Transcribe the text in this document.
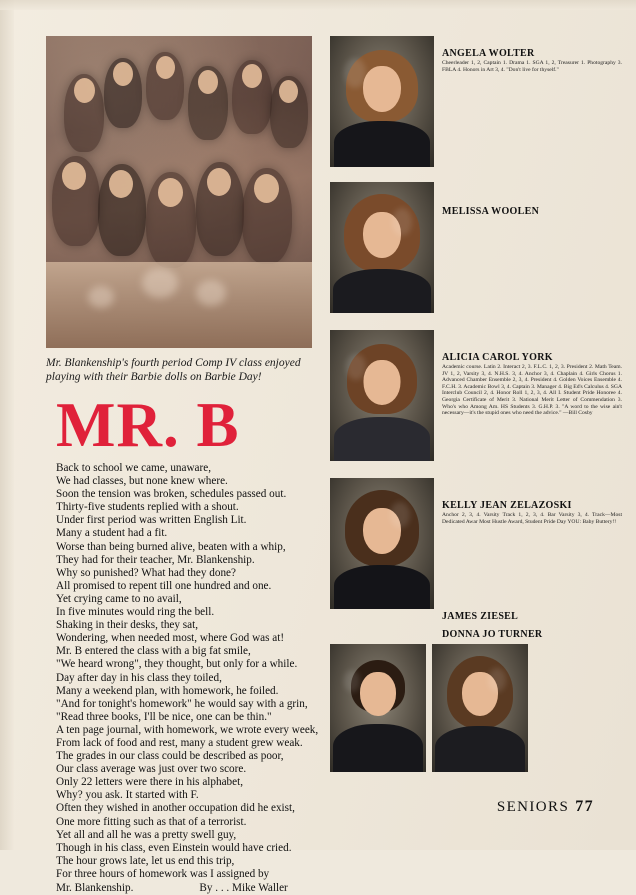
Mr. Blankenship's fourth period Comp IV class enjoyed playing with their Barbie dolls on Barbie Day!
MR. B
Back to school we came, unaware,
We had classes, but none knew where.
Soon the tension was broken, schedules passed out.
Thirty-five students replied with a shout.
Under first period was written English Lit.
Many a student had a fit.
Worse than being burned alive, beaten with a whip,
They had for their teacher, Mr. Blankenship.
Why so punished? What had they done?
All promised to repent till one hundred and one.
Yet crying came to no avail,
In five minutes would ring the bell.
Shaking in their desks, they sat,
Wondering, when needed most, where God was at!
Mr. B entered the class with a big fat smile,
"We heard wrong", they thought, but only for a while.
Day after day in his class they toiled,
Many a weekend plan, with homework, he foiled.
"And for tonight's homework" he would say with a grin,
"Read three books, I'll be nice, one can be thin."
A ten page journal, with homework, we wrote every week,
From lack of food and rest, many a student grew weak.
The grades in our class could be described as poor,
Our class average was just over two score.
Only 22 letters were there in his alphabet,
Why? you ask. It started with F.
Often they wished in another occupation did he exist,
One more fitting such as that of a terrorist.
Yet all and all he was a pretty swell guy,
Though in his class, even Einstein would have cried.
The hour grows late, let us end this trip,
For three hours of homework was I assigned by
Mr. Blankenship.	By . . . Mike Waller
ANGELA WOLTER
Cheerleader 1, 2, Captain 1. Drama 1. SGA 1, 2, Treasurer 1. Photography 3. FBLA 4. Honors in Art 3, 4. "Don't live for thyself."
MELISSA WOOLEN
ALICIA CAROL YORK
Academic course. Latin 2. Interact 2, 3. F.L.C. 1, 2, 3. President 2. Math Team. JV 1, 2, Varsity 3, 4. N.H.S. 3, 4. Anchor 3, 4. Chaplain 4. Girls Chorus 1. Advanced Chamber Ensemble 2, 3, 4. President 4. Golden Voices Ensemble 4. F.C.H. 3. Academic Bowl 3, 4. Captain 3. Manager 4. Big Ed's Calculus 4. SGA Interclub Council 2, 4. Honor Roll 1, 2, 3, 4. All I. Student Pride Honoree 4. Georgia Certificate of Merit 3. National Merit Letter of Commendation 3. Who's who Among Am. HS Students 3. G.H.P. 3. "A word to the wise ain't necessary—it's the stupid ones who need the advice." —Bill Cosby
KELLY JEAN ZELAZOSKI
Anchor 2, 3, 4. Varsity Track 1, 2, 3, 4. Bar Varsity 3, 4. Track—Most Dedicated Awar Most Hustle Award, Student Pride Day YOU: Baby Buttery!!
JAMES ZIESEL
DONNA JO TURNER
SENIORS 77
